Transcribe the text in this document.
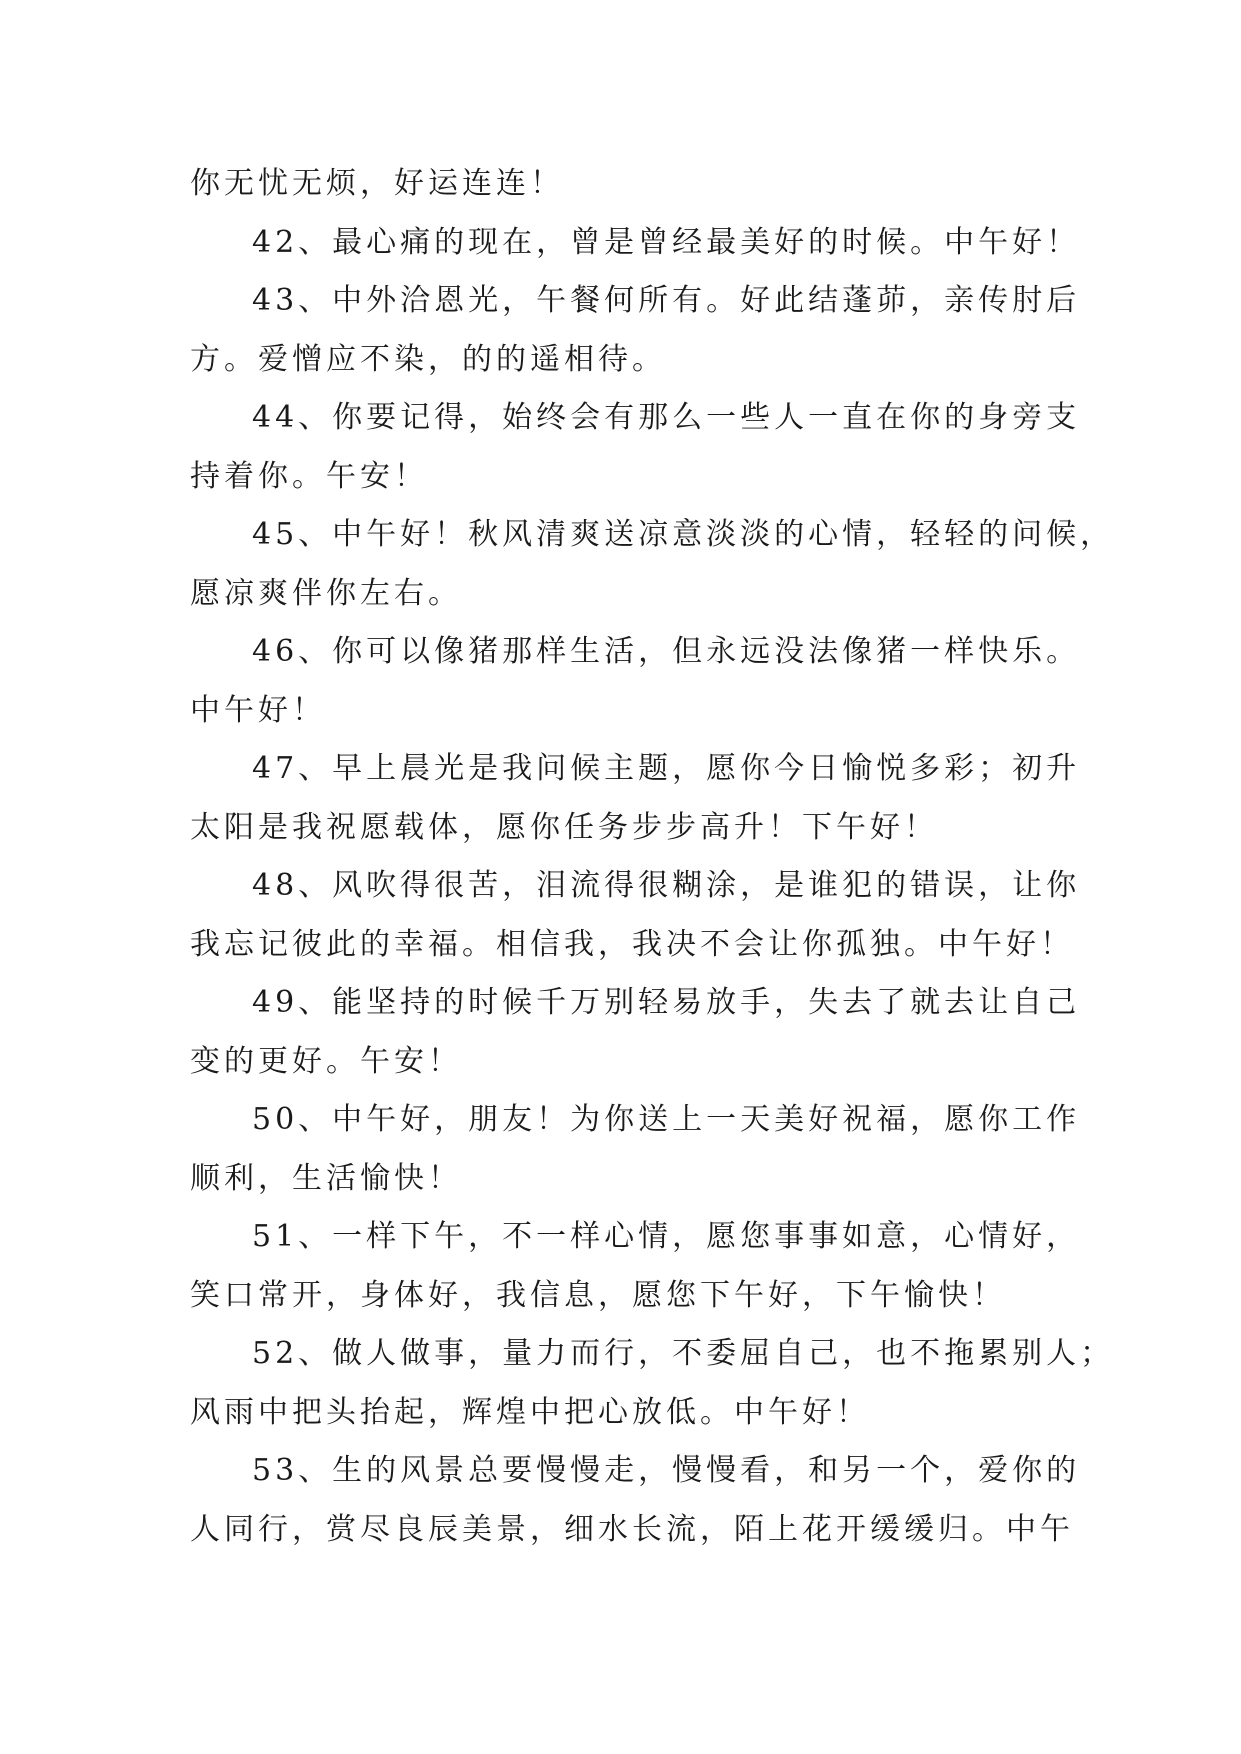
你无忧无烦，好运连连！
42、最心痛的现在，曾是曾经最美好的时候。中午好！
43、中外洽恩光，午餐何所有。好此结蓬茆，亲传肘后
方。爱憎应不染，的的遥相待。
44、你要记得，始终会有那么一些人一直在你的身旁支
持着你。午安！
45、中午好！秋风清爽送凉意淡淡的心情，轻轻的问候，
愿凉爽伴你左右。
46、你可以像猪那样生活，但永远没法像猪一样快乐。
中午好！
47、早上晨光是我问候主题，愿你今日愉悦多彩；初升
太阳是我祝愿载体，愿你任务步步高升！下午好！
48、风吹得很苦，泪流得很糊涂，是谁犯的错误，让你
我忘记彼此的幸福。相信我，我决不会让你孤独。中午好！
49、能坚持的时候千万别轻易放手，失去了就去让自己
变的更好。午安！
50、中午好，朋友！为你送上一天美好祝福，愿你工作
顺利，生活愉快！
51、一样下午，不一样心情，愿您事事如意，心情好，
笑口常开，身体好，我信息，愿您下午好，下午愉快！
52、做人做事，量力而行，不委屈自己，也不拖累别人；
风雨中把头抬起，辉煌中把心放低。中午好！
53、生的风景总要慢慢走，慢慢看，和另一个，爱你的
人同行，赏尽良辰美景，细水长流，陌上花开缓缓归。中午
